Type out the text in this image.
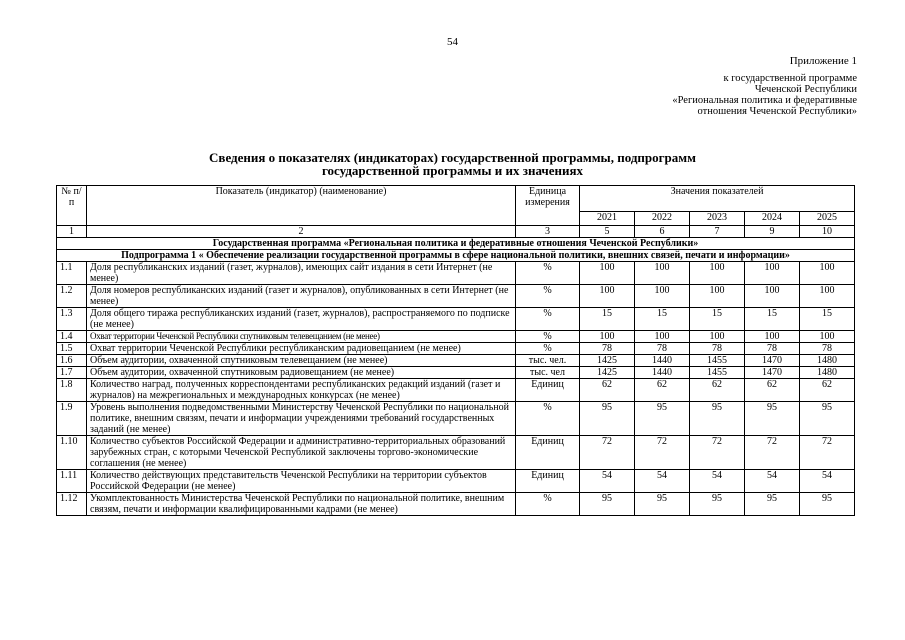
54
Приложение 1
к государственной программе
Чеченской Республики
«Региональная политика и федеративные
отношения Чеченской Республики»
Сведения о показателях (индикаторах) государственной программы, подпрограмм
государственной программы и их значениях
№ п/п	Показатель (индикатор) (наименование)	Единица измерения	Значения показателей				
			2021	2022	2023	2024	2025
1	2	3	5	6	7	9	10
Государственная программа «Региональная политика и федеративные отношения Чеченской Республики»							
Подпрограмма 1 « Обеспечение реализации государственной программы в сфере национальной политики, внешних связей, печати и информации»							
1.1	Доля республиканских изданий (газет, журналов), имеющих сайт издания в сети Интернет (не менее)	%	100	100	100	100	100
1.2	Доля номеров республиканских изданий (газет и журналов), опубликованных в сети Интернет (не менее)	%	100	100	100	100	100
1.3	Доля общего тиража республиканских изданий (газет, журналов), распространяемого по подписке (не менее)	%	15	15	15	15	15
1.4	Охват территории Чеченской Республики спутниковым телевещанием (не менее)	%	100	100	100	100	100
1.5	Охват территории Чеченской Республики республиканским радиовещанием (не менее)	%	78	78	78	78	78
1.6	Объем аудитории, охваченной спутниковым телевещанием (не менее)	тыс. чел.	1425	1440	1455	1470	1480
1.7	Объем аудитории, охваченной спутниковым радиовещанием (не менее)	тыс. чел	1425	1440	1455	1470	1480
1.8	Количество наград, полученных корреспондентами республиканских редакций изданий (газет и журналов) на межрегиональных и международных конкурсах (не менее)	Единиц	62	62	62	62	62
1.9	Уровень выполнения подведомственными Министерству Чеченской Республики по национальной политике, внешним связям, печати и информации учреждениями требований государственных заданий (не менее)	%	95	95	95	95	95
1.10	Количество субъектов Российской Федерации и административно-территориальных образований зарубежных стран, с которыми Чеченской Республикой заключены торгово-экономические соглашения (не менее)	Единиц	72	72	72	72	72
1.11	Количество действующих представительств Чеченской Республики на территории субъектов Российской Федерации (не менее)	Единиц	54	54	54	54	54
1.12	Укомплектованность Министерства Чеченской Республики по национальной политике, внешним связям, печати и информации квалифицированными кадрами (не менее)	%	95	95	95	95	95
